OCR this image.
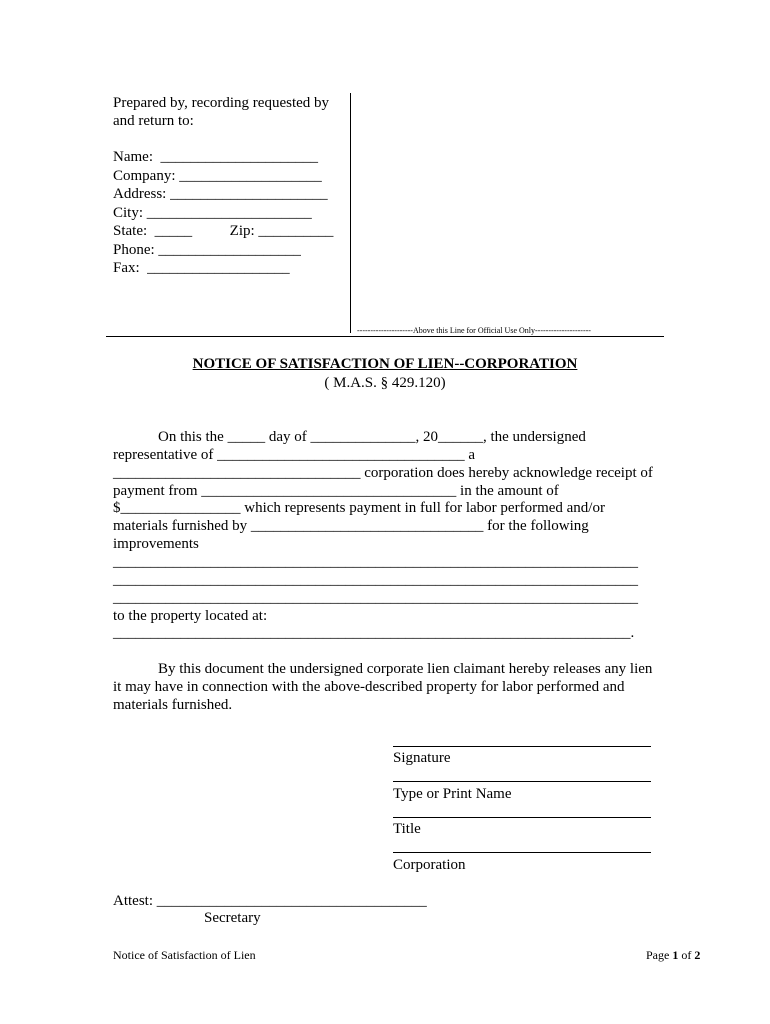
Prepared by, recording requested by
and return to:
Name:  _____________________
Company: ___________________
Address: _____________________
City: ______________________
State:  _____          Zip: __________
Phone: ___________________
Fax:  ___________________
---------------------Above this Line for Official Use Only---------------------
NOTICE OF SATISFACTION OF LIEN--CORPORATION
( M.A.S. § 429.120)
On this the _____ day of ______________, 20______, the undersigned
representative of _________________________________ a
_________________________________ corporation does hereby acknowledge receipt of
payment from __________________________________ in the amount of
$________________ which represents payment in full for labor performed and/or
materials furnished by _______________________________ for the following
improvements
______________________________________________________________________
______________________________________________________________________
______________________________________________________________________
to the property located at:
_____________________________________________________________________.
By this document the undersigned corporate lien claimant hereby releases any lien
it may have in connection with the above-described property for labor performed and
materials furnished.
Signature
Type or Print Name
Title
Corporation
Attest: ____________________________________
Secretary
Notice of Satisfaction of Lien	Page 1 of 2
